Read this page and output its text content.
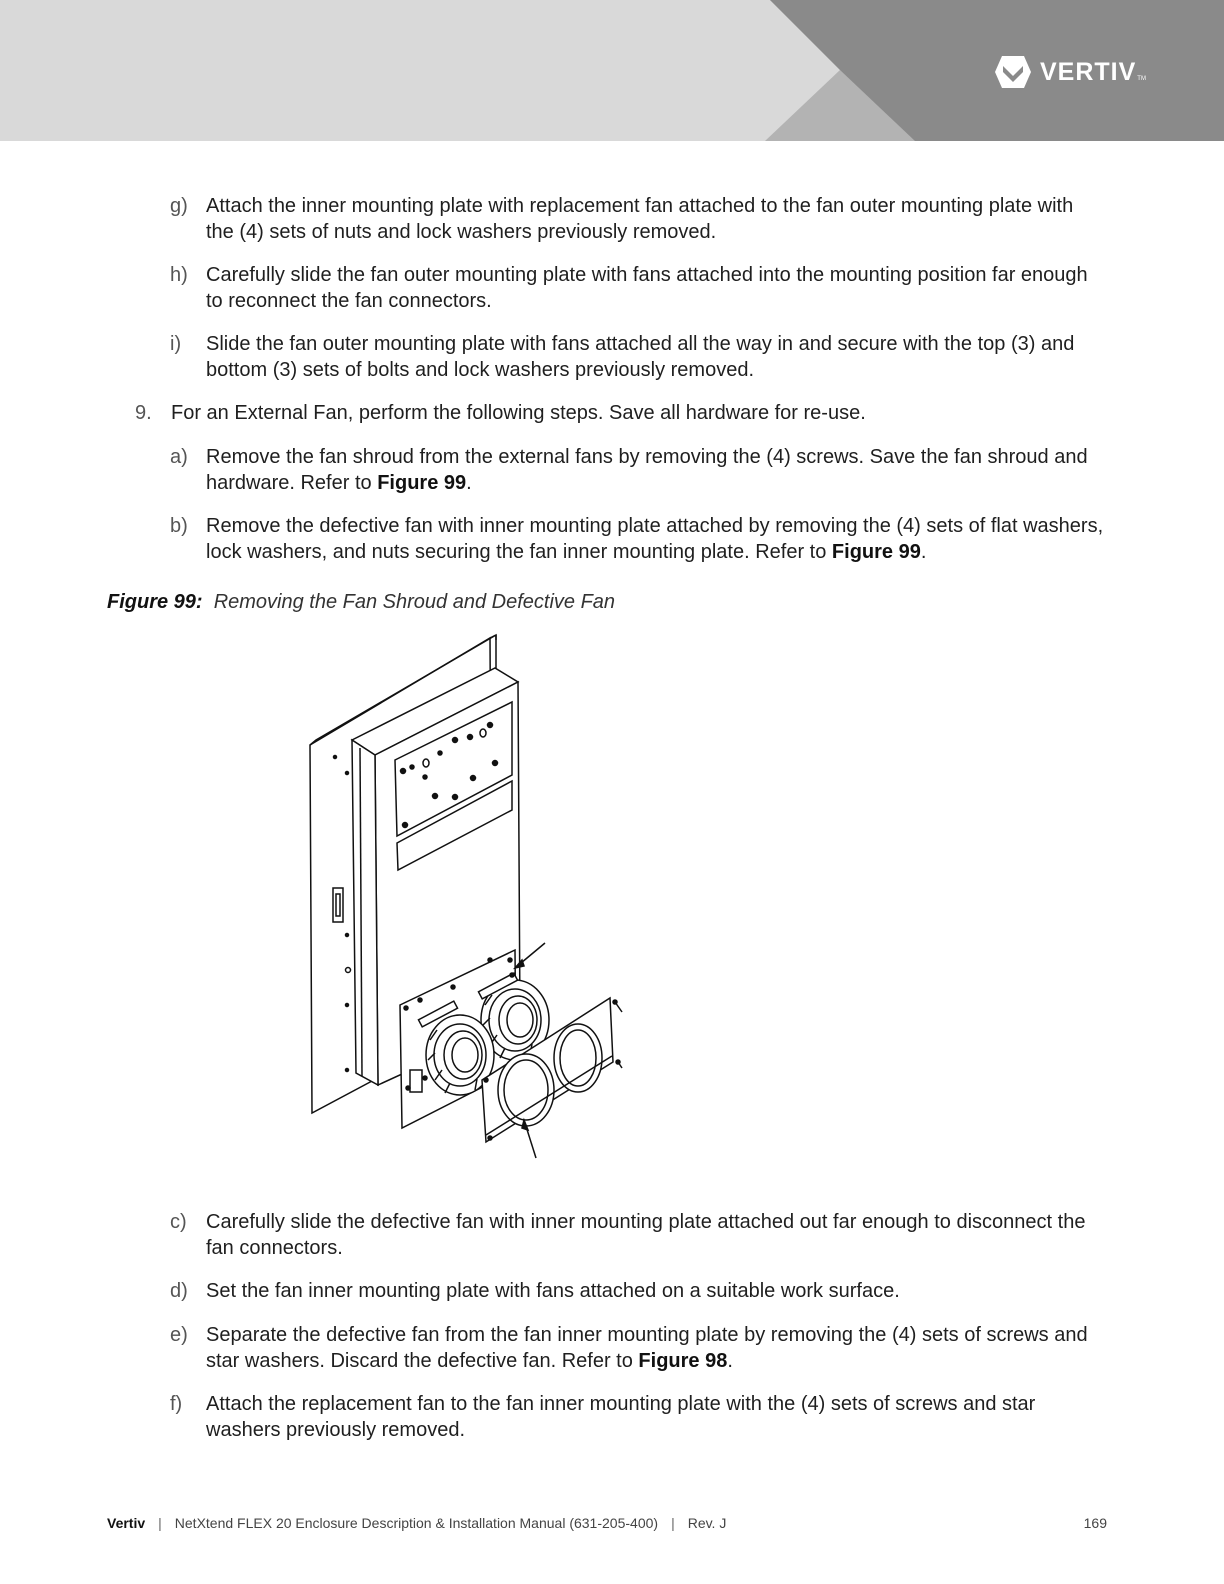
VERTIV TM
g) Attach the inner mounting plate with replacement fan attached to the fan outer mounting plate with the (4) sets of nuts and lock washers previously removed.
h) Carefully slide the fan outer mounting plate with fans attached into the mounting position far enough to reconnect the fan connectors.
i) Slide the fan outer mounting plate with fans attached all the way in and secure with the top (3) and bottom (3) sets of bolts and lock washers previously removed.
9. For an External Fan, perform the following steps. Save all hardware for re-use.
a) Remove the fan shroud from the external fans by removing the (4) screws. Save the fan shroud and hardware. Refer to Figure 99.
b) Remove the defective fan with inner mounting plate attached by removing the (4) sets of flat washers, lock washers, and nuts securing the fan inner mounting plate. Refer to Figure 99.
Figure 99: Removing the Fan Shroud and Defective Fan
c) Carefully slide the defective fan with inner mounting plate attached out far enough to disconnect the fan connectors.
d) Set the fan inner mounting plate with fans attached on a suitable work surface.
e) Separate the defective fan from the fan inner mounting plate by removing the (4) sets of screws and star washers. Discard the defective fan. Refer to Figure 98.
f) Attach the replacement fan to the fan inner mounting plate with the (4) sets of screws and star washers previously removed.
Vertiv | NetXtend FLEX 20 Enclosure Description & Installation Manual (631-205-400) | Rev. J	169
